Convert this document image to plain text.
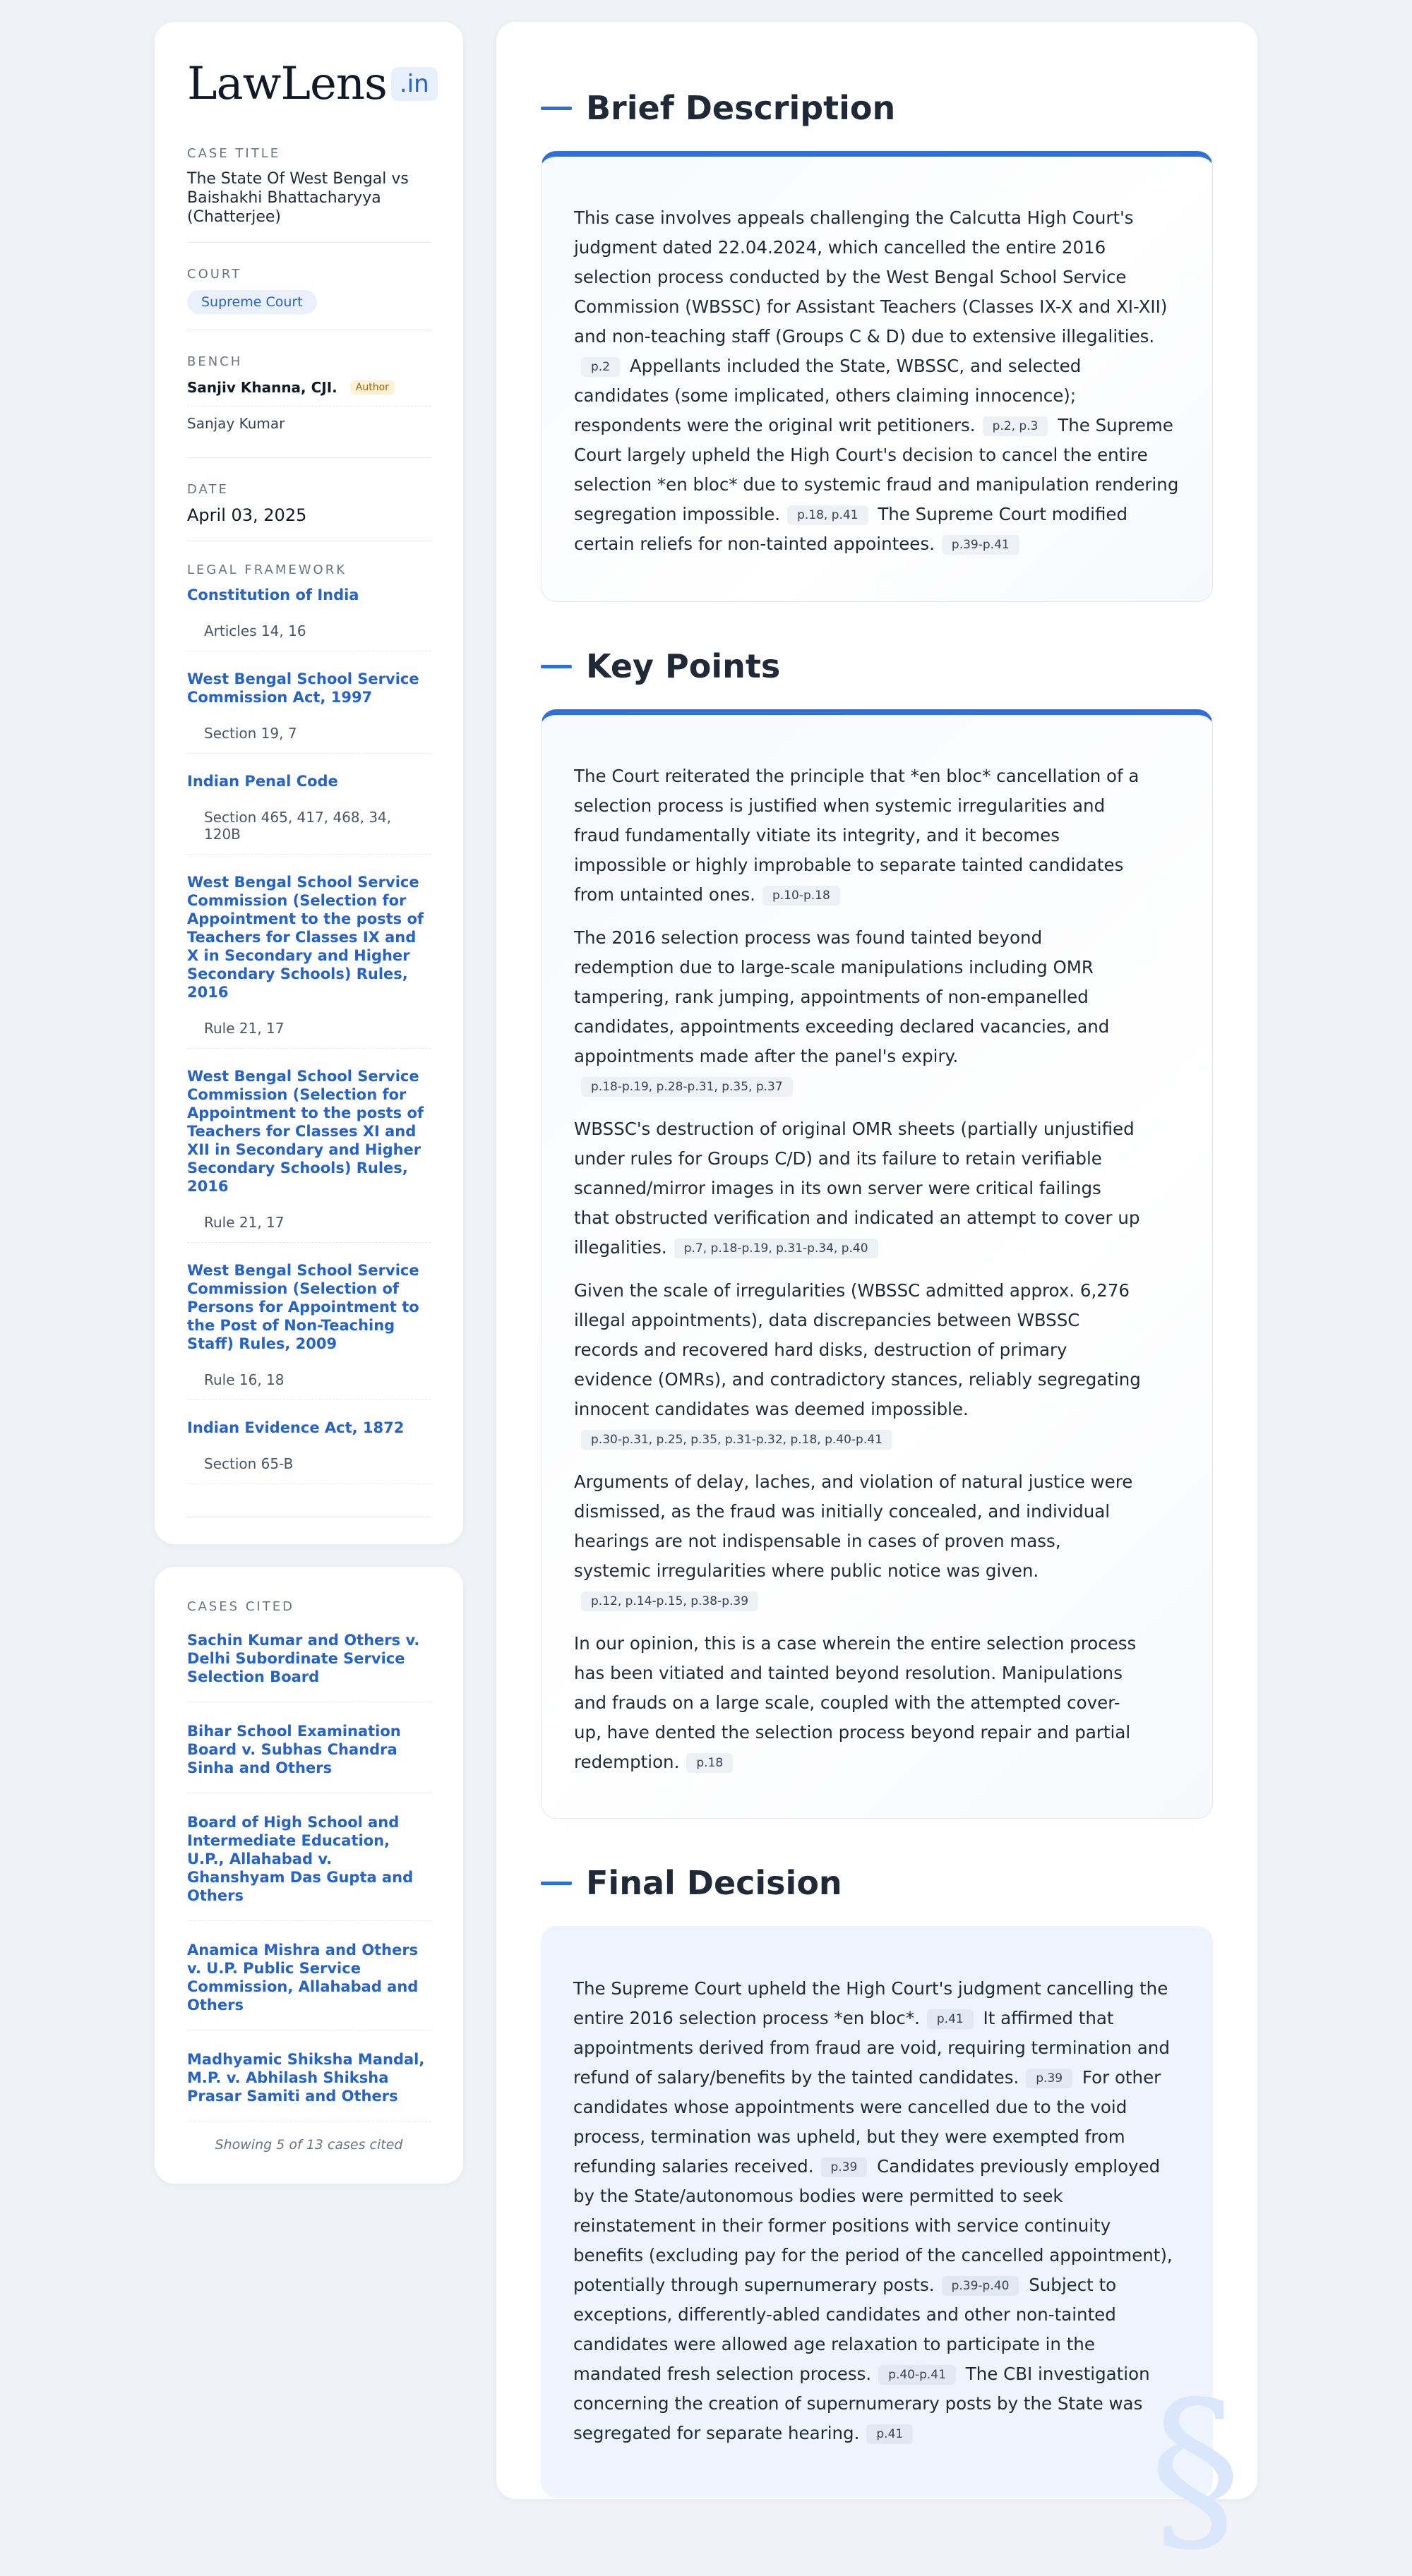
LawLens .in
CASE TITLE
The State Of West Bengal vs Baishakhi Bhattacharyya (Chatterjee)
COURT
Supreme Court
BENCH
Sanjiv Khanna, CJI.	Author
Sanjay Kumar
DATE
April 03, 2025
LEGAL FRAMEWORK
Constitution of India
Articles 14, 16
West Bengal School Service Commission Act, 1997
Section 19, 7
Indian Penal Code
Section 465, 417, 468, 34, 120B
West Bengal School Service Commission (Selection for Appointment to the posts of Teachers for Classes IX and X in Secondary and Higher Secondary Schools) Rules, 2016
Rule 21, 17
West Bengal School Service Commission (Selection for Appointment to the posts of Teachers for Classes XI and XII in Secondary and Higher Secondary Schools) Rules, 2016
Rule 21, 17
West Bengal School Service Commission (Selection of Persons for Appointment to the Post of Non-Teaching Staff) Rules, 2009
Rule 16, 18
Indian Evidence Act, 1872
Section 65-B
CASES CITED
Sachin Kumar and Others v. Delhi Subordinate Service Selection Board
Bihar School Examination Board v. Subhas Chandra Sinha and Others
Board of High School and Intermediate Education, U.P., Allahabad v. Ghanshyam Das Gupta and Others
Anamica Mishra and Others v. U.P. Public Service Commission, Allahabad and Others
Madhyamic Shiksha Mandal, M.P. v. Abhilash Shiksha Prasar Samiti and Others
Showing 5 of 13 cases cited
Brief Description

This case involves appeals challenging the Calcutta High Court's judgment dated 22.04.2024, which cancelled the entire 2016 selection process conducted by the West Bengal School Service Commission (WBSSC) for Assistant Teachers (Classes IX-X and XI-XII) and non-teaching staff (Groups C & D) due to extensive illegalities.p.2 Appellants included the State, WBSSC, and selected candidates (some implicated, others claiming innocence); respondents were the original writ petitioners. p.2, p.3 The Supreme Court largely upheld the High Court's decision to cancel the entire selection *en bloc* due to systemic fraud and manipulation rendering segregation impossible. p.18, p.41 The Supreme Court modified certain reliefs for non-tainted appointees. p.39-p.41

Key Points

The Court reiterated the principle that *en bloc* cancellation of a selection process is justified when systemic irregularities and fraud fundamentally vitiate its integrity, and it becomes impossible or highly improbable to separate tainted candidates from untainted ones. p.10-p.18

The 2016 selection process was found tainted beyond redemption due to large-scale manipulations including OMR tampering, rank jumping, appointments of non-empanelled candidates, appointments exceeding declared vacancies, and appointments made after the panel's expiry.p.18-p.19, p.28-p.31, p.35, p.37

WBSSC's destruction of original OMR sheets (partially unjustified under rules for Groups C/D) and its failure to retain verifiable scanned/mirror images in its own server were critical failings that obstructed verification and indicated an attempt to cover up illegalities. p.7, p.18-p.19, p.31-p.34, p.40

Given the scale of irregularities (WBSSC admitted approx. 6,276 illegal appointments), data discrepancies between WBSSC records and recovered hard disks, destruction of primary evidence (OMRs), and contradictory stances, reliably segregating innocent candidates was deemed impossible.p.30-p.31, p.25, p.35, p.31-p.32, p.18, p.40-p.41

Arguments of delay, laches, and violation of natural justice were dismissed, as the fraud was initially concealed, and individual hearings are not indispensable in cases of proven mass, systemic irregularities where public notice was given.p.12, p.14-p.15, p.38-p.39

In our opinion, this is a case wherein the entire selection process has been vitiated and tainted beyond resolution. Manipulations and frauds on a large scale, coupled with the attempted cover-up, have dented the selection process beyond repair and partial redemption. p.18

Final Decision

The Supreme Court upheld the High Court's judgment cancelling the entire 2016 selection process *en bloc*. p.41 It affirmed that appointments derived from fraud are void, requiring termination and refund of salary/benefits by the tainted candidates. p.39 For other candidates whose appointments were cancelled due to the void process, termination was upheld, but they were exempted from refunding salaries received. p.39 Candidates previously employed by the State/autonomous bodies were permitted to seek reinstatement in their former positions with service continuity benefits (excluding pay for the period of the cancelled appointment), potentially through supernumerary posts. p.39-p.40 Subject to exceptions, differently-abled candidates and other non-tainted candidates were allowed age relaxation to participate in the mandated fresh selection process. p.40-p.41 The CBI investigation concerning the creation of supernumerary posts by the State was segregated for separate hearing. p.41	§
